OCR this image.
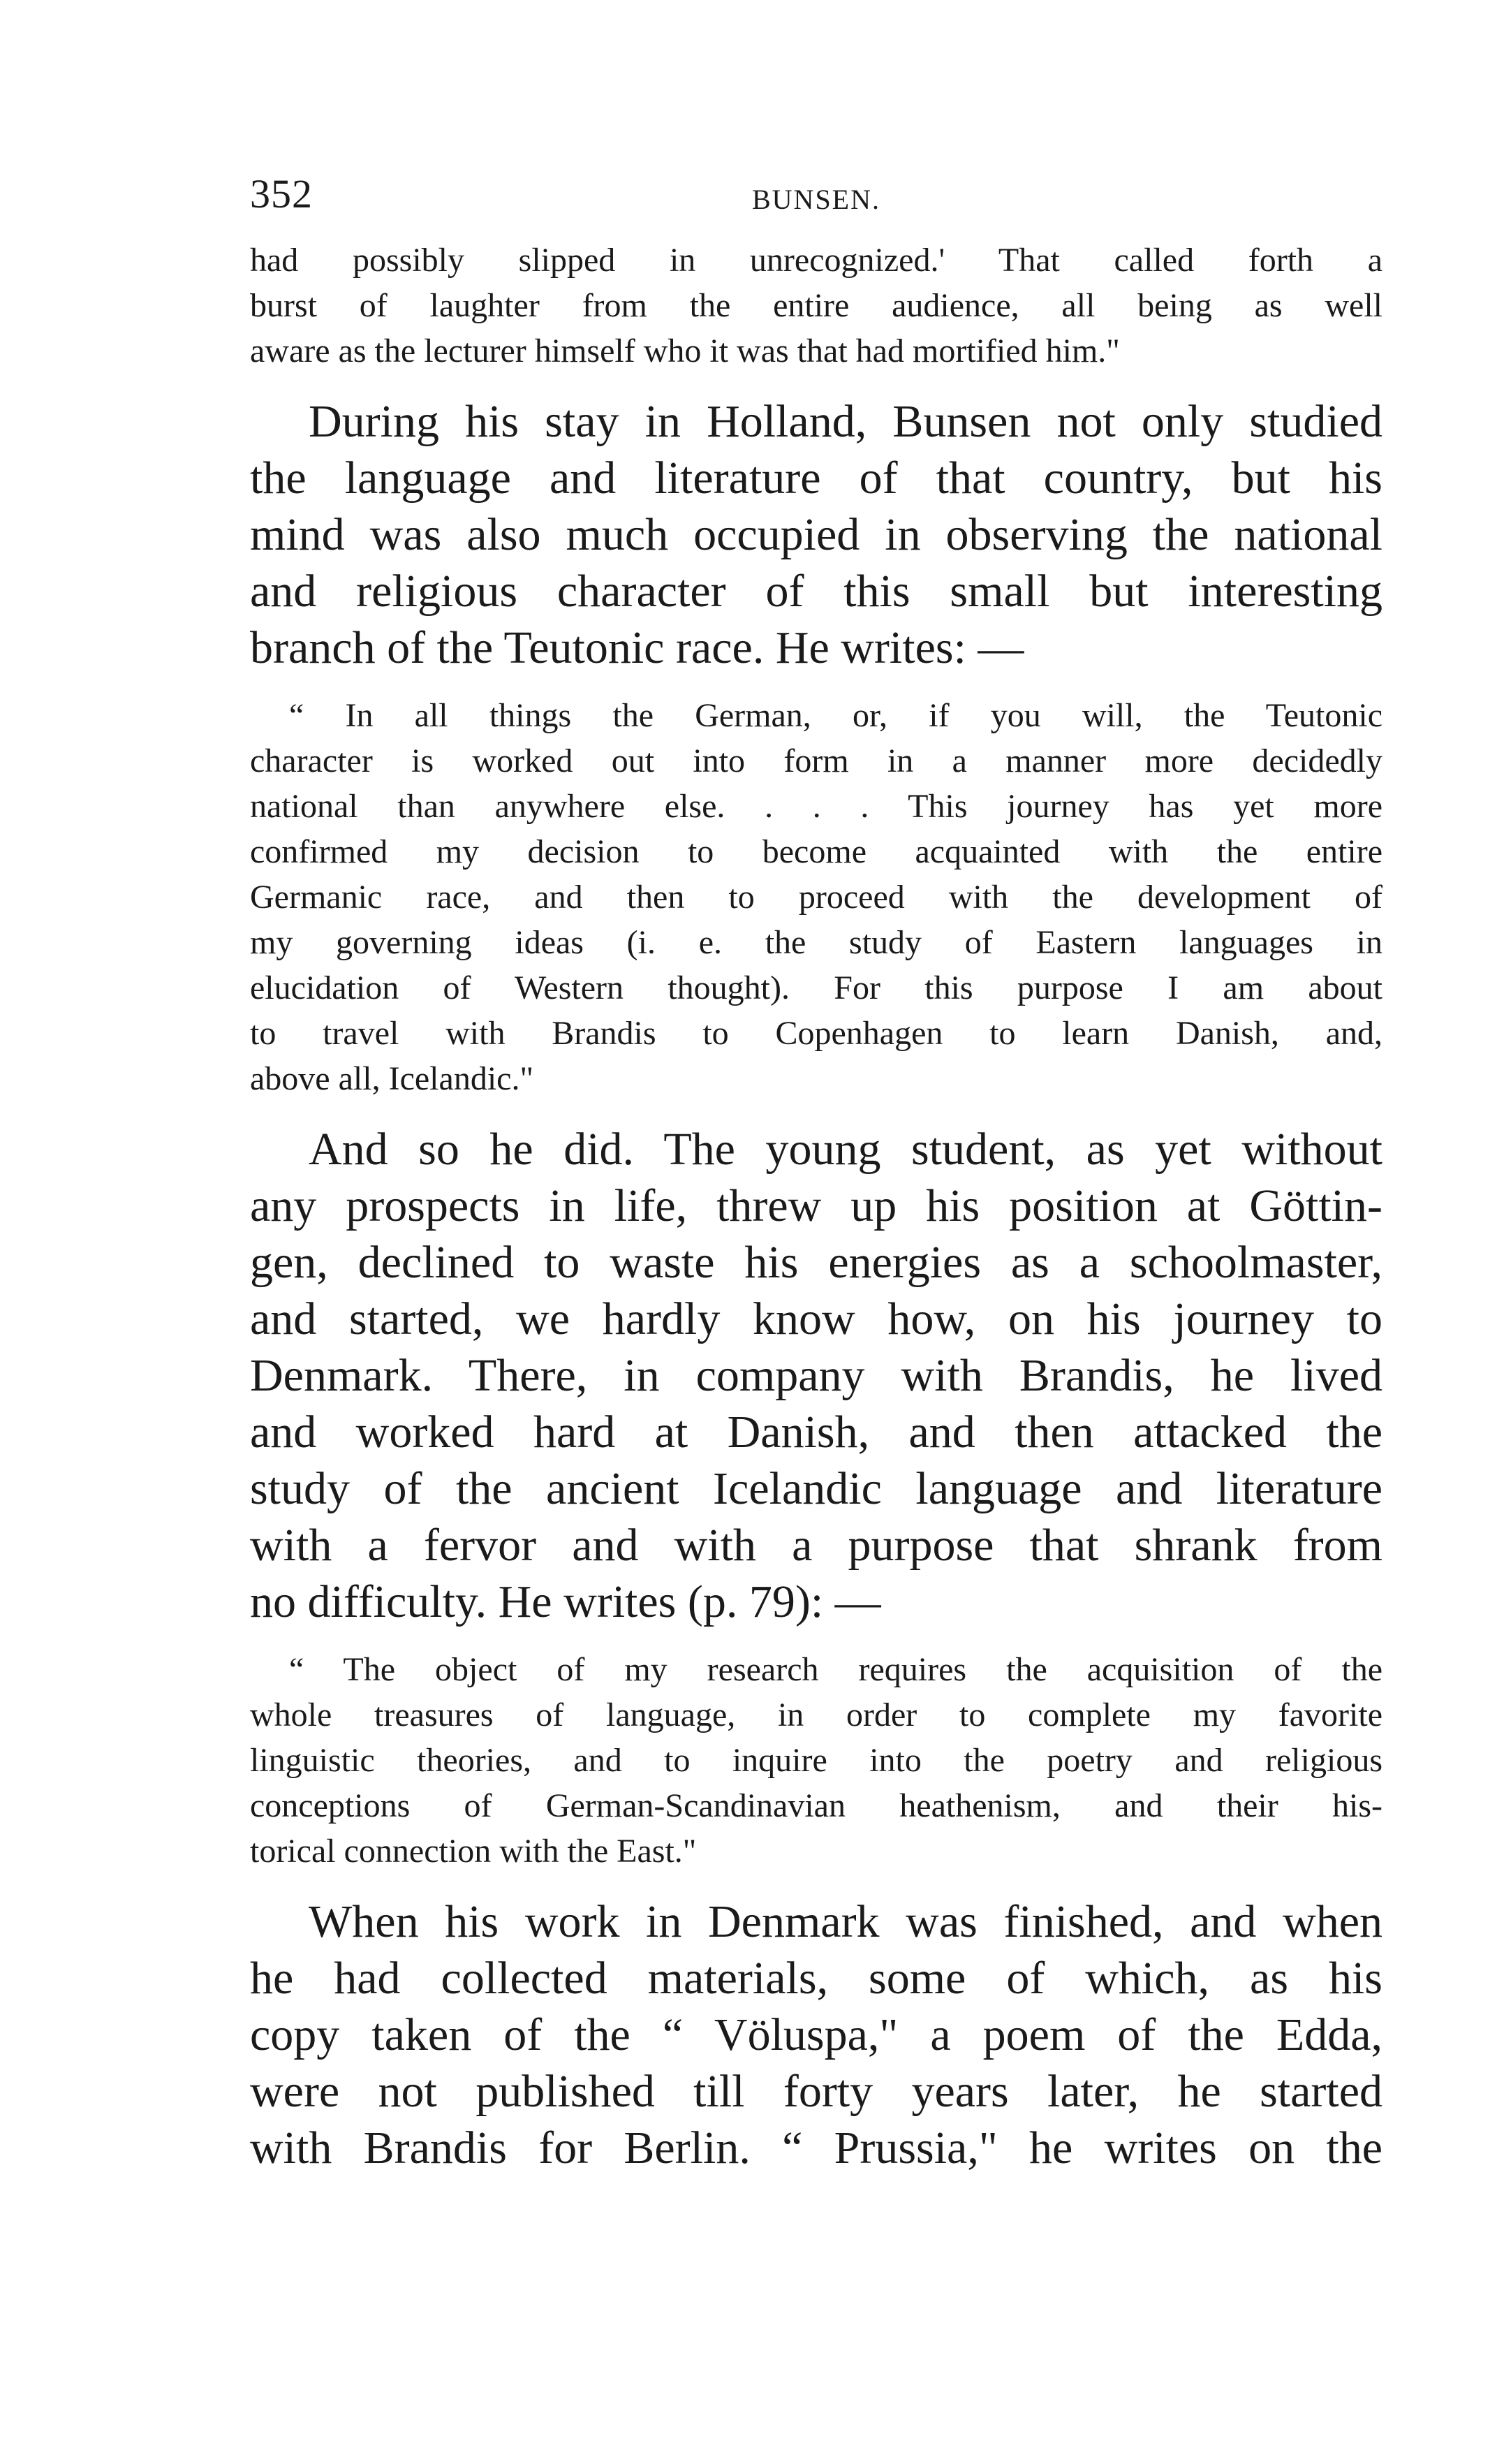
352	BUNSEN.
had possibly slipped in unrecognized.' That called forth a
burst of laughter from the entire audience, all being as well
aware as the lecturer himself who it was that had mortified him."
During his stay in Holland, Bunsen not only studied
the language and literature of that country, but his
mind was also much occupied in observing the national
and religious character of this small but interesting
branch of the Teutonic race. He writes: —
“ In all things the German, or, if you will, the Teutonic
character is worked out into form in a manner more decidedly
national than anywhere else. . . . This journey has yet more
confirmed my decision to become acquainted with the entire
Germanic race, and then to proceed with the development of
my governing ideas (i. e. the study of Eastern languages in
elucidation of Western thought). For this purpose I am about
to travel with Brandis to Copenhagen to learn Danish, and,
above all, Icelandic."
And so he did. The young student, as yet without
any prospects in life, threw up his position at Göttin-
gen, declined to waste his energies as a schoolmaster,
and started, we hardly know how, on his journey to
Denmark. There, in company with Brandis, he lived
and worked hard at Danish, and then attacked the
study of the ancient Icelandic language and literature
with a fervor and with a purpose that shrank from
no difficulty. He writes (p. 79): —
“ The object of my research requires the acquisition of the
whole treasures of language, in order to complete my favorite
linguistic theories, and to inquire into the poetry and religious
conceptions of German-Scandinavian heathenism, and their his-
torical connection with the East."
When his work in Denmark was finished, and when
he had collected materials, some of which, as his
copy taken of the “ Völuspa," a poem of the Edda,
were not published till forty years later, he started
with Brandis for Berlin. “ Prussia," he writes on the
